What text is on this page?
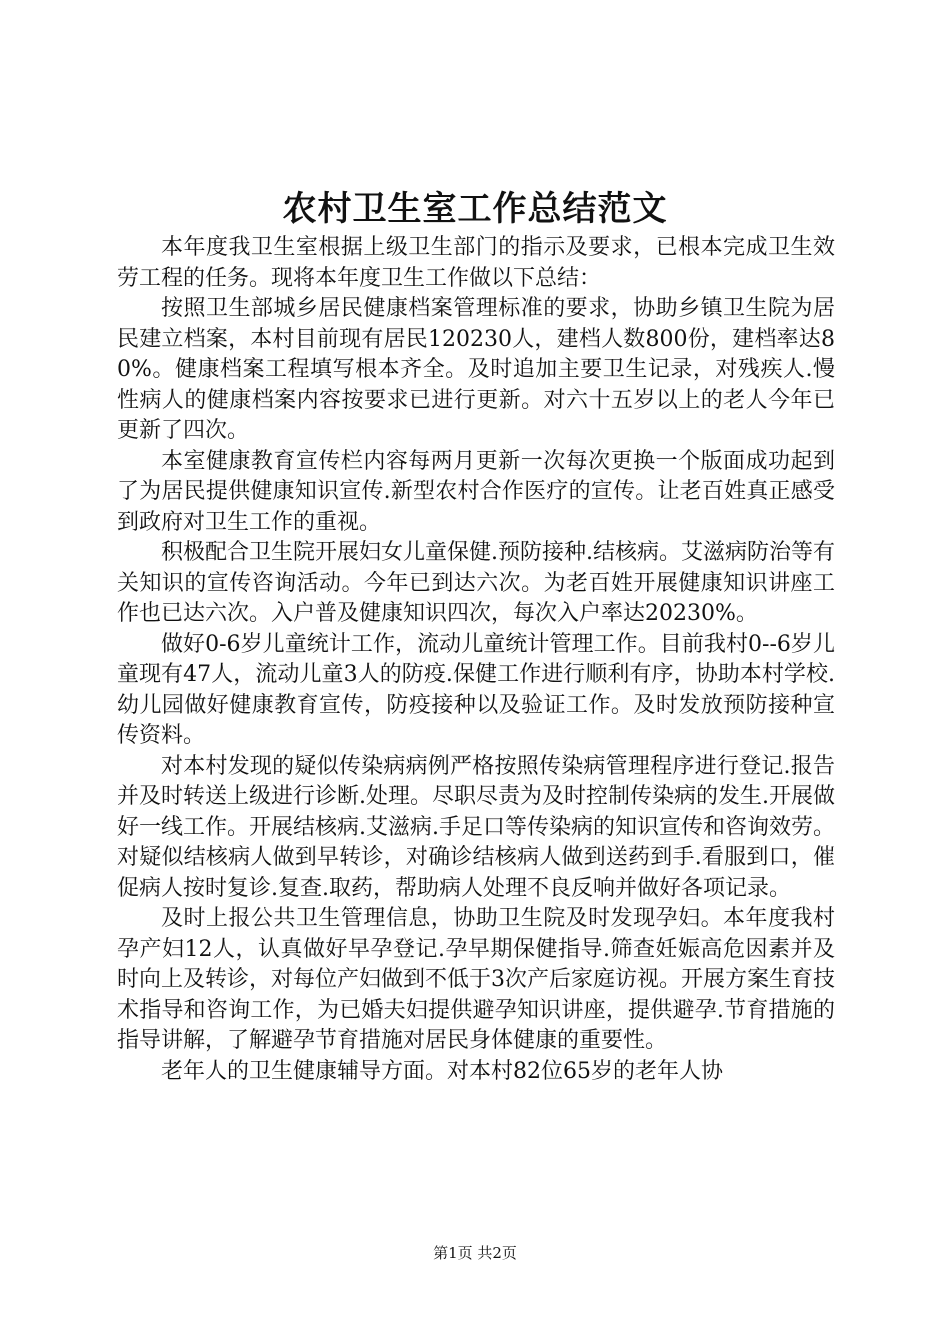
农村卫生室工作总结范文

本年度我卫生室根据上级卫生部门的指示及要求，已根本完成卫生效劳工程的任务。现将本年度卫生工作做以下总结：

按照卫生部城乡居民健康档案管理标准的要求，协助乡镇卫生院为居民建立档案，本村目前现有居民120230人，建档人数800份，建档率达80%。健康档案工程填写根本齐全。及时追加主要卫生记录，对残疾人.慢性病人的健康档案内容按要求已进行更新。对六十五岁以上的老人今年已更新了四次。

本室健康教育宣传栏内容每两月更新一次每次更换一个版面成功起到了为居民提供健康知识宣传.新型农村合作医疗的宣传。让老百姓真正感受到政府对卫生工作的重视。

积极配合卫生院开展妇女儿童保健.预防接种.结核病。艾滋病防治等有关知识的宣传咨询活动。今年已到达六次。为老百姓开展健康知识讲座工作也已达六次。入户普及健康知识四次，每次入户率达20230%。

做好0-6岁儿童统计工作，流动儿童统计管理工作。目前我村0--6岁儿童现有47人，流动儿童3人的防疫.保健工作进行顺利有序，协助本村学校.幼儿园做好健康教育宣传，防疫接种以及验证工作。及时发放预防接种宣传资料。

对本村发现的疑似传染病病例严格按照传染病管理程序进行登记.报告并及时转送上级进行诊断.处理。尽职尽责为及时控制传染病的发生.开展做好一线工作。开展结核病.艾滋病.手足口等传染病的知识宣传和咨询效劳。对疑似结核病人做到早转诊，对确诊结核病人做到送药到手.看服到口，催促病人按时复诊.复查.取药，帮助病人处理不良反响并做好各项记录。

及时上报公共卫生管理信息，协助卫生院及时发现孕妇。本年度我村孕产妇12人，认真做好早孕登记.孕早期保健指导.筛查妊娠高危因素并及时向上及转诊，对每位产妇做到不低于3次产后家庭访视。开展方案生育技术指导和咨询工作，为已婚夫妇提供避孕知识讲座，提供避孕.节育措施的指导讲解，了解避孕节育措施对居民身体健康的重要性。

老年人的卫生健康辅导方面。对本村82位65岁的老年人协

第1页 共2页
